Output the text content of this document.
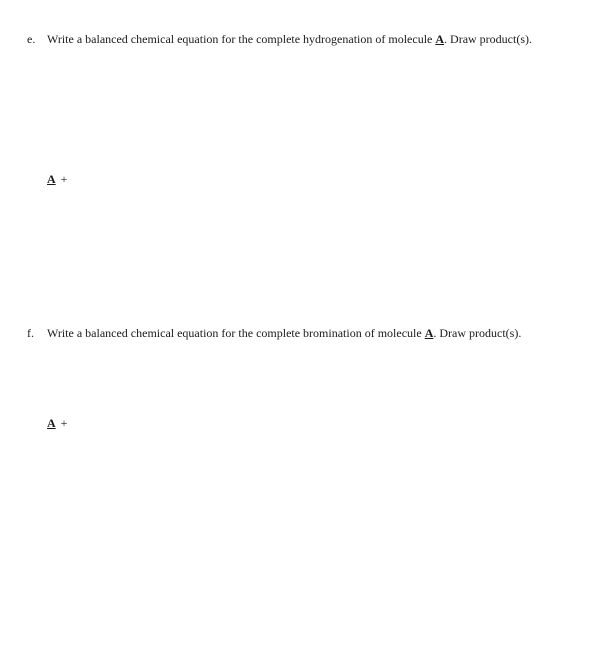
e. Write a balanced chemical equation for the complete hydrogenation of molecule A. Draw product(s).
A +
f. Write a balanced chemical equation for the complete bromination of molecule A. Draw product(s).
A +
